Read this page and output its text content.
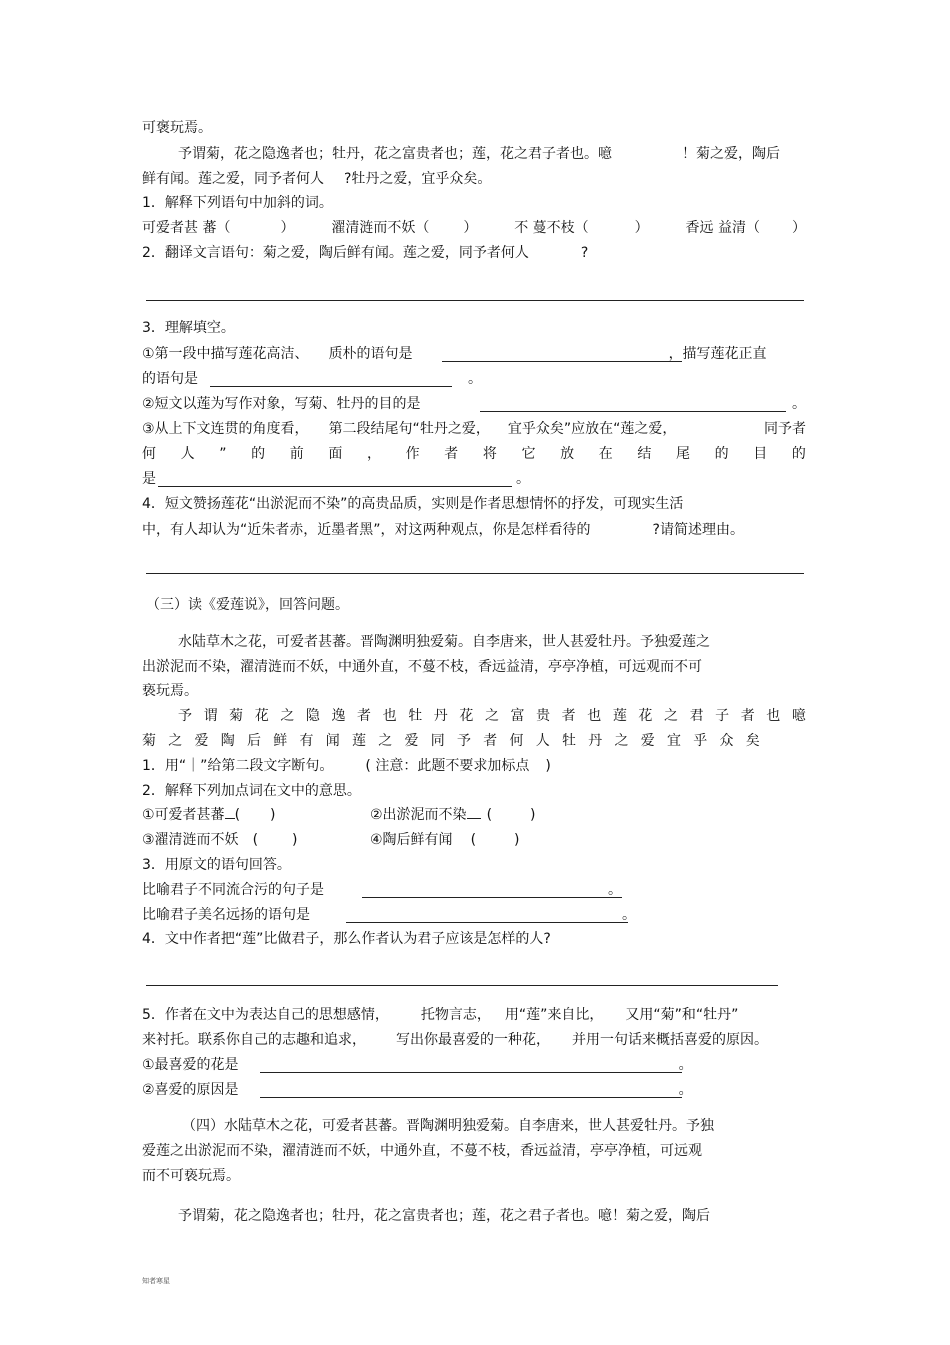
可褒玩焉。
予谓菊，花之隐逸者也；牡丹，花之富贵者也；莲，花之君子者也。噫	！菊之爱，陶后
鲜有闻。莲之爱，同予者何人 ?牡丹之爱，宜乎众矣。
1．解释下列语句中加斜的词。
可爱者甚 蕃（	）	濯清涟而不妖（ ）	不 蔓不枝（	）	香远 益清（ ）
2．翻译文言语句：菊之爱，陶后鲜有闻。莲之爱，同予者何人	?
3．理解填空。
①第一段中描写莲花高洁、 质朴的语句是	，描写莲花正直
的语句是	。
②短文以莲为写作对象，写菊、牡丹的目的是	。
③从上下文连贯的角度看， 第二段结尾句“牡丹之爱， 宜乎众矣”应放在“莲之爱，	同予者
何 人 ” 的 前 面 ， 作 者 将 它 放 在 结 尾 的 目 的
是	。
4．短文赞扬莲花“出淤泥而不染”的高贵品质，实则是作者思想情怀的抒发，可现实生活
中，有人却认为“近朱者赤，近墨者黑”，对这两种观点，你是怎样看待的	?请简述理由。
（三）读《爱莲说》，回答问题。
水陆草木之花，可爱者甚蕃。晋陶渊明独爱菊。自李唐来，世人甚爱牡丹。予独爱莲之
出淤泥而不染，濯清涟而不妖，中通外直，不蔓不枝，香远益清，亭亭净植，可远观而不可
亵玩焉。
予 谓 菊 花 之 隐 逸 者 也 牡 丹 花 之 富 贵 者 也 莲 花 之 君 子 者 也 噫
菊 之 爱 陶 后 鲜 有 闻 莲 之 爱 同 予 者 何 人 牡 丹 之 爱 宜 乎 众 矣
1．用“｜”给第二段文字断句。 ( 注意：此题不要求加标点 )
2．解释下列加点词在文中的意思。
①可爱者甚蕃 ( )	②出淤泥而不染 (	)
③濯清涟而不妖 ( )	④陶后鲜有闻 (	)
3．用原文的语句回答。
比喻君子不同流合污的句子是	。
比喻君子美名远扬的语句是	。
4．文中作者把“莲”比做君子，那么作者认为君子应该是怎样的人?
5．作者在文中为表达自己的思想感情， 托物言志， 用“莲”来自比， 又用“菊”和“牡丹”
来衬托。联系你自己的志趣和追求， 写出你最喜爱的一种花， 并用一句话来概括喜爱的原因。
①最喜爱的花是	。
②喜爱的原因是	。
（四）水陆草木之花，可爱者甚蕃。晋陶渊明独爱菊。自李唐来，世人甚爱牡丹。予独
爱莲之出淤泥而不染，濯清涟而不妖，中通外直，不蔓不枝，香远益清，亭亭净植，可远观
而不可亵玩焉。
予谓菊，花之隐逸者也；牡丹，花之富贵者也；莲，花之君子者也。噫！菊之爱，陶后
知者寒星
